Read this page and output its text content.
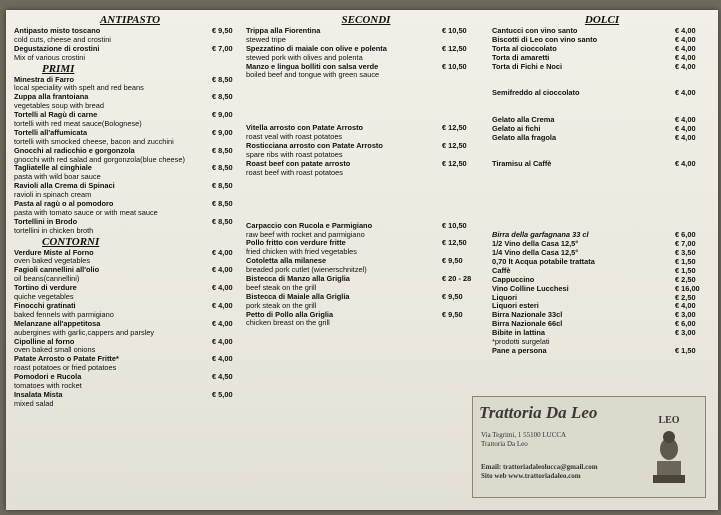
ANTIPASTO
Antipasto misto toscano	€ 9,50
cold cuts, cheese and crostini
Degustazione di crostini	€ 7,00
Mix of various crostini
PRIMI
Minestra di Farro	€ 8,50
local speciality with spelt and red beans
Zuppa alla frantoiana	€ 8,50
vegetables soup with bread
Tortelli al Ragù di carne	€ 9,00
tortelli with red meat sauce(Bolognese)
Tortelli all'affumicata	€ 9,00
tortelli with smocked cheese, bacon and zucchini
Gnocchi al radicchio e gorgonzola	€ 8,50
gnocchi with red salad and gorgonzola(blue cheese)
Tagliatelle al cinghiale	€ 8,50
pasta with wild boar sauce
Ravioli alla Crema di Spinaci	€ 8,50
ravioli in spinach cream
Pasta al ragù o al pomodoro	€ 8,50
pasta with tomato sauce or with meat sauce
Tortellini in Brodo	€ 8,50
tortellini in chicken broth
CONTORNI
Verdure Miste al Forno	€ 4,00
oven baked vegetables
Fagioli cannellini all'olio	€ 4,00
oil beans(cannellini)
Tortino di verdure	€ 4,00
quiche vegetables
Finocchi gratinati	€ 4,00
baked fennels with parmigiano
Melanzane all'appetitosa	€ 4,00
aubergines with garlic,cappers and parsley
Cipolline al forno	€ 4,00
oven baked small onions
Patate Arrosto o Patate Fritte*	€ 4,00
roast potatoes or fried potatoes
Pomodori e Rucola	€ 4,50
tomatoes with rocket
Insalata Mista	€ 5,00
mixed salad
SECONDI
Trippa alla Fiorentina	€ 10,50
stewed tripe
Spezzatino di maiale con olive e polenta	€ 12,50
stewed pork with olives and polenta
Manzo e lingua bolliti con salsa verde	€ 10,50
boiled beef and tongue with green sauce
Vitella arrosto con Patate Arrosto	€ 12,50
roast veal with roast potatoes
Rosticciana arrosto con Patate Arrosto	€ 12,50
spare ribs with roast potatoes
Roast beef con patate arrosto	€ 12,50
roast beef with roast potatoes
Carpaccio con Rucola e Parmigiano	€ 10,50
raw beef with rocket and parmigiano
Pollo fritto con verdure fritte	€ 12,50
fried chicken with fried vegetables
Cotoletta alla milanese	€ 9,50
breaded pork cutlet (wienerschnitzel)
Bistecca di Manzo alla Griglia	€ 20 - 28
beef steak on the grill
Bistecca di Maiale alla Griglia	€ 9,50
pork steak on the grill
Petto di Pollo alla Griglia	€ 9,50
chicken breast on the grill
DOLCI
Cantucci con vino santo	€ 4,00
Biscotti di Leo con vino santo	€ 4,00
Torta al cioccolato	€ 4,00
Torta di amaretti	€ 4,00
Torta di Fichi e Noci	€ 4,00
Semifreddo al cioccolato	€ 4,00
Gelato alla Crema	€ 4,00
Gelato ai fichi	€ 4,00
Gelato alla fragola	€ 4,00
Tiramisu al Caffè	€ 4,00
Birra della garfagnana 33 cl	€ 6,00
1/2 Vino della Casa 12,5°	€ 7,00
1/4 Vino della Casa 12,5°	€ 3,50
0,70 lt Acqua potabile trattata	€ 1,50
Caffè	€ 1,50
Cappuccino	€ 2,50
Vino Colline Lucchesi	€ 16,00
Liquori	€ 2,50
Liquori esteri	€ 4,00
Birra Nazionale 33cl	€ 3,00
Birra Nazionale 66cl	€ 6,00
Bibite in lattina	€ 3,00
*prodotti surgelati
Pane a persona	€ 1,50
Trattoria Da Leo
Via Tegrimi, 1 55100 LUCCA
Trattoria Da Leo
Email: trattoriadaleolucca@gmail.com
Sito web www.trattoriadaleo.com
LEO
